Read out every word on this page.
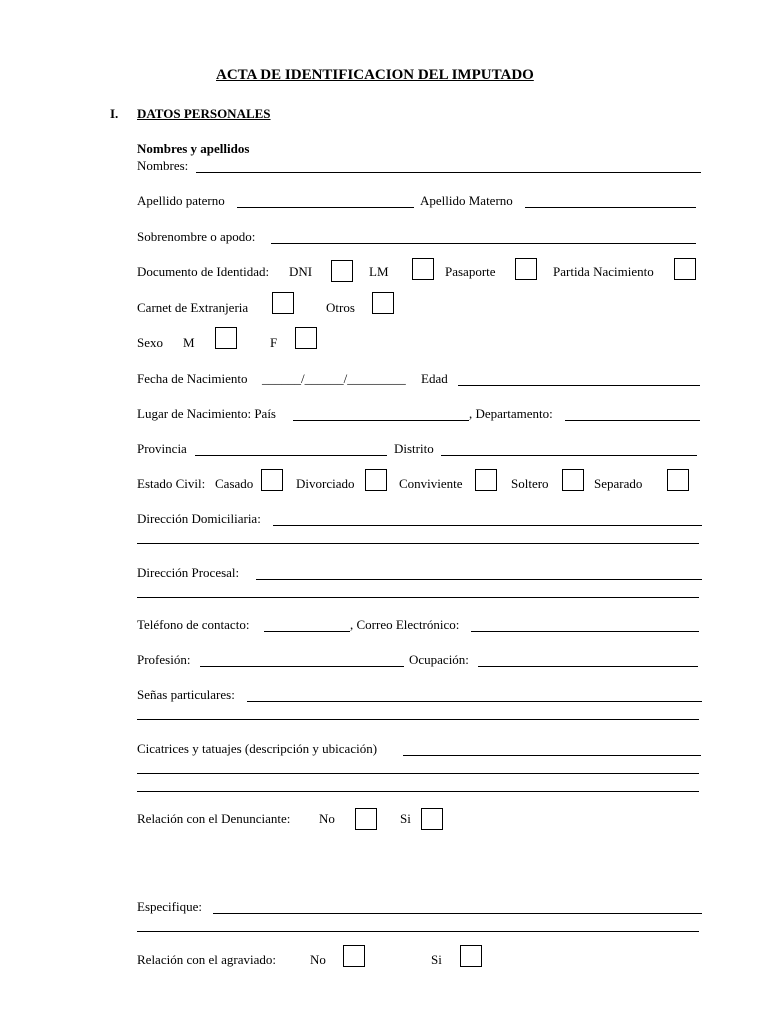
ACTA DE IDENTIFICACION DEL IMPUTADO
I. DATOS PERSONALES
Nombres y apellidos
Nombres:
Apellido paterno	Apellido Materno
Sobrenombre o apodo:
Documento de Identidad: DNI	LM	Pasaporte	Partida Nacimiento
Carnet de Extranjeria	Otros
Sexo M	F
Fecha de Nacimiento ______/______/_________ Edad
Lugar de Nacimiento: País	, Departamento:
Provincia	Distrito
Estado Civil: Casado	Divorciado	Conviviente	Soltero	Separado
Dirección Domiciliaria:
Dirección Procesal:
Teléfono de contacto:	, Correo Electrónico:
Profesión:	Ocupación:
Señas particulares:
Cicatrices y tatuajes (descripción y ubicación)
Relación con el Denunciante: No	Si
Especifique:
Relación con el agraviado:	No	Si
